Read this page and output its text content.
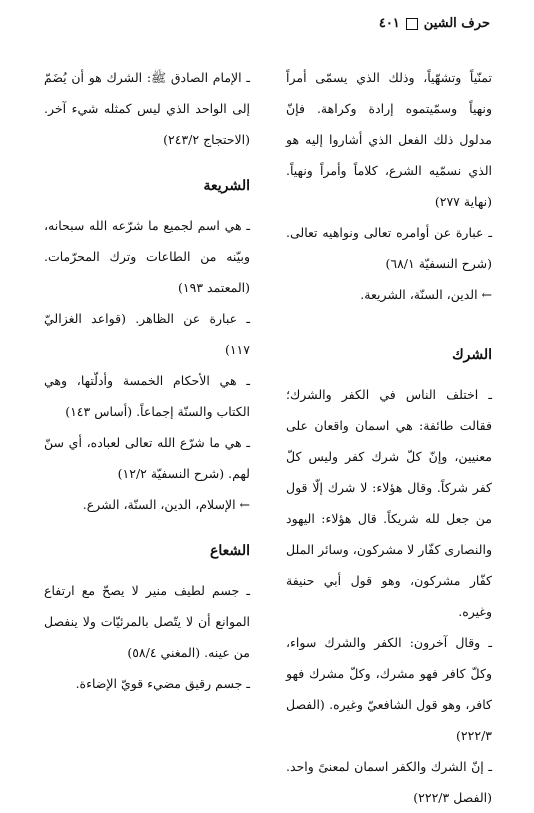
حرف الشين
٤٠١

تمنّياً وتشهّياً، وذلك الذي يسمّى أمراً ونهياً وسمّيتموه إرادة وكراهة. فإنّ مدلول ذلك الفعل الذي أشاروا إليه هو الذي نسمّيه الشرع، كلاماً وأمراً ونهياً. (نهاية ٢٧٧)

ـ عبارة عن أوامره تعالى ونواهيه تعالى. (شرح النسفيّة ٦٨/١)

← الدين، السنّة، الشريعة.

الشرك

ـ اختلف الناس في الكفر والشرك؛ فقالت طائفة: هي اسمان واقعان على معنيين، وإنّ كلّ شرك كفر وليس كلّ كفر شركاً. وقال هؤلاء: لا شرك إلّا قول من جعل لله شريكاً. قال هؤلاء: اليهود والنصارى كفّار لا مشركون، وسائر الملل كفّار مشركون، وهو قول أبي حنيفة وغيره.

ـ وقال آخرون: الكفر والشرك سواء، وكلّ كافر فهو مشرك، وكلّ مشرك فهو كافر، وهو قول الشافعيّ وغيره. (الفصل ٢٢٢/٣)

ـ إنّ الشرك والكفر اسمان لمعنىً واحد. (الفصل ٢٢٢/٣)

ـ الإمام الصادق ﷺ: الشرك هو أن يُضَمّ إلى الواحد الذي ليس كمثله شيء آخر. (الاحتجاج ٢٤٣/٢)

الشريعة

ـ هي اسم لجميع ما شرّعه الله سبحانه، وبيّنه من الطاعات وترك المحرّمات. (المعتمد ١٩٣)

ـ عبارة عن الظاهر. (قواعد الغزاليّ ١١٧)

ـ هي الأحكام الخمسة وأدلّتها، وهي الكتاب والسنّة إجماعاً. (أساس ١٤٣)

ـ هي ما شرّع الله تعالى لعباده، أي سنّ لهم. (شرح النسفيّة ١٢/٢)

← الإسلام، الدين، السنّة، الشرع.

الشعاع

ـ جسم لطيف منير لا يصحّ مع ارتفاع الموانع أن لا يتّصل بالمرئيّات ولا ينفصل من عينه. (المغني ٥٨/٤)

ـ جسم رقيق مضيء قويّ الإضاءة.
